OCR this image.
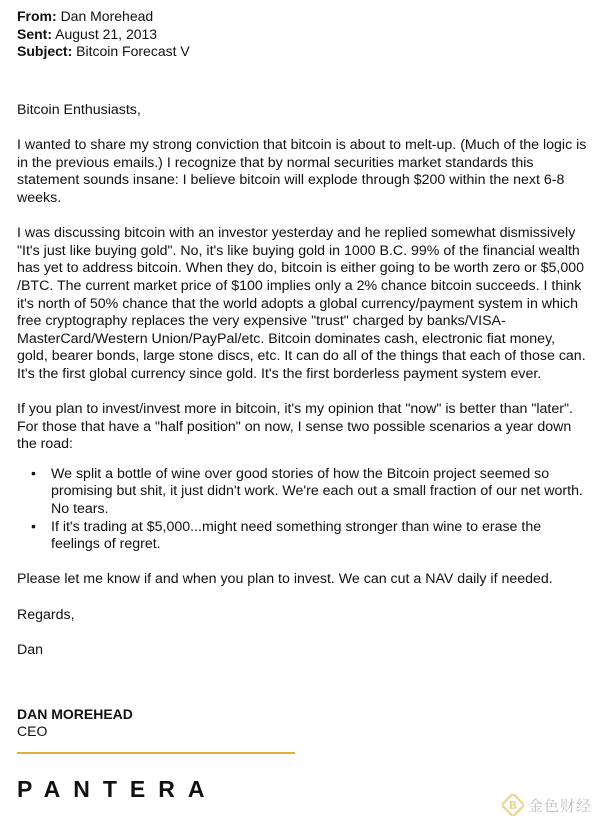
From: Dan Morehead
Sent: August 21, 2013
Subject: Bitcoin Forecast V

Bitcoin Enthusiasts,

I wanted to share my strong conviction that bitcoin is about to melt-up. (Much of the logic is in the previous emails.) I recognize that by normal securities market standards this statement sounds insane: I believe bitcoin will explode through $200 within the next 6-8 weeks.

I was discussing bitcoin with an investor yesterday and he replied somewhat dismissively "It's just like buying gold". No, it's like buying gold in 1000 B.C. 99% of the financial wealth has yet to address bitcoin. When they do, bitcoin is either going to be worth zero or $5,000 /BTC. The current market price of $100 implies only a 2% chance bitcoin succeeds. I think it's north of 50% chance that the world adopts a global currency/payment system in which free cryptography replaces the very expensive "trust" charged by banks/VISA-MasterCard/Western Union/PayPal/etc. Bitcoin dominates cash, electronic fiat money, gold, bearer bonds, large stone discs, etc. It can do all of the things that each of those can. It's the first global currency since gold. It's the first borderless payment system ever.

If you plan to invest/invest more in bitcoin, it's my opinion that "now" is better than "later". For those that have a "half position" on now, I sense two possible scenarios a year down the road:

• We split a bottle of wine over good stories of how the Bitcoin project seemed so promising but shit, it just didn't work. We're each out a small fraction of our net worth. No tears.
• If it's trading at $5,000...might need something stronger than wine to erase the feelings of regret.

Please let me know if and when you plan to invest. We can cut a NAV daily if needed.

Regards,

Dan

DAN MOREHEAD
CEO
PANTERA
B 金色财经
